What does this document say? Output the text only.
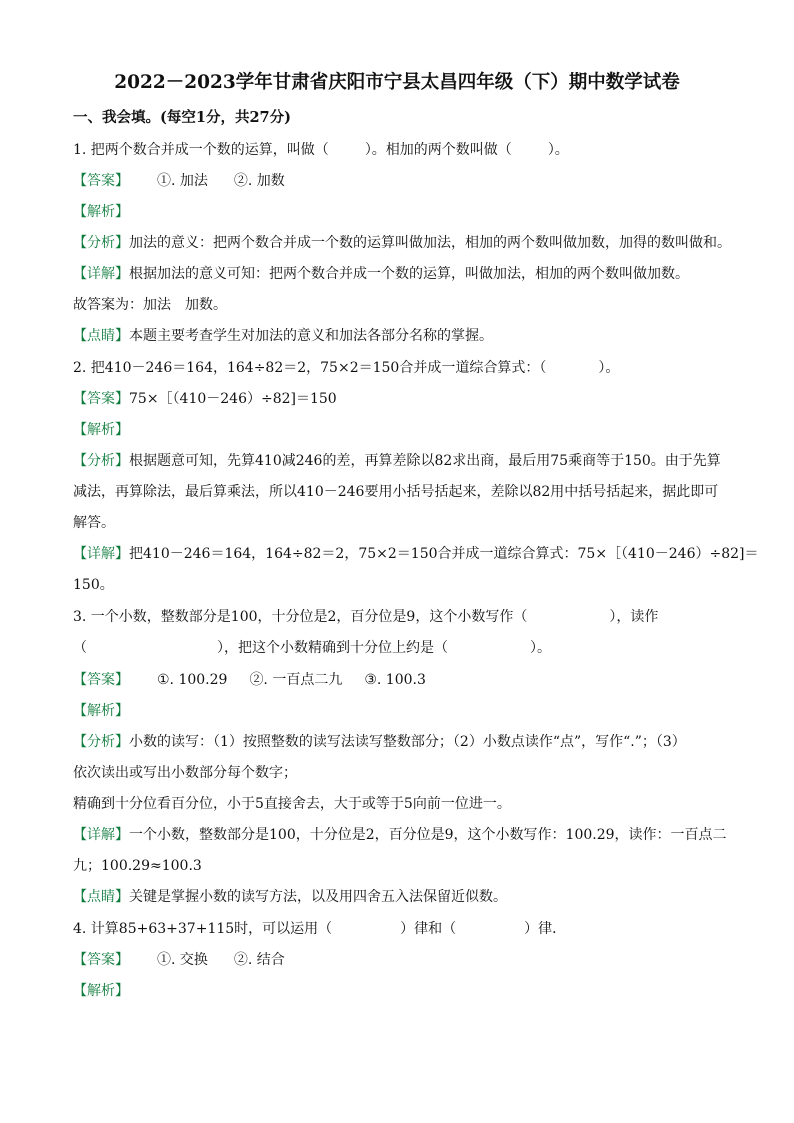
2022－2023学年甘肃省庆阳市宁县太昌四年级（下）期中数学试卷
一、我会填。(每空1分，共27分)
1. 把两个数合并成一个数的运算，叫做（	）。相加的两个数叫做（	）。
【答案】 ①. 加法 ②. 加数
【解析】
【分析】加法的意义：把两个数合并成一个数的运算叫做加法，相加的两个数叫做加数，加得的数叫做和。
【详解】根据加法的意义可知：把两个数合并成一个数的运算，叫做加法，相加的两个数叫做加数。
故答案为：加法　加数。
【点睛】本题主要考查学生对加法的意义和加法各部分名称的掌握。
2. 把410－246＝164，164÷82＝2，75×2＝150合并成一道综合算式：（	）。
【答案】75×［（410－246）÷82]＝150
【解析】
【分析】根据题意可知，先算410减246的差，再算差除以82求出商，最后用75乘商等于150。由于先算
减法，再算除法，最后算乘法，所以410－246要用小括号括起来，差除以82用中括号括起来，据此即可
解答。
【详解】把410－246＝164，164÷82＝2，75×2＝150合并成一道综合算式：75×［（410－246）÷82]＝
150。
3. 一个小数，整数部分是100，十分位是2，百分位是9，这个小数写作（	），读作
（	），把这个小数精确到十分位上约是（	）。
【答案】 ①. 100.29 ②. 一百点二九 ③. 100.3
【解析】
【分析】小数的读写：（1）按照整数的读写法读写整数部分；（2）小数点读作“点”，写作“.”；（3）
依次读出或写出小数部分每个数字；
精确到十分位看百分位，小于5直接舍去，大于或等于5向前一位进一。
【详解】一个小数，整数部分是100，十分位是2，百分位是9，这个小数写作：100.29，读作：一百点二
九；100.29≈100.3
【点睛】关键是掌握小数的读写方法，以及用四舍五入法保留近似数。
4. 计算85+63+37+115时，可以运用（	）律和（	）律．
【答案】 ①. 交换 ②. 结合
【解析】
